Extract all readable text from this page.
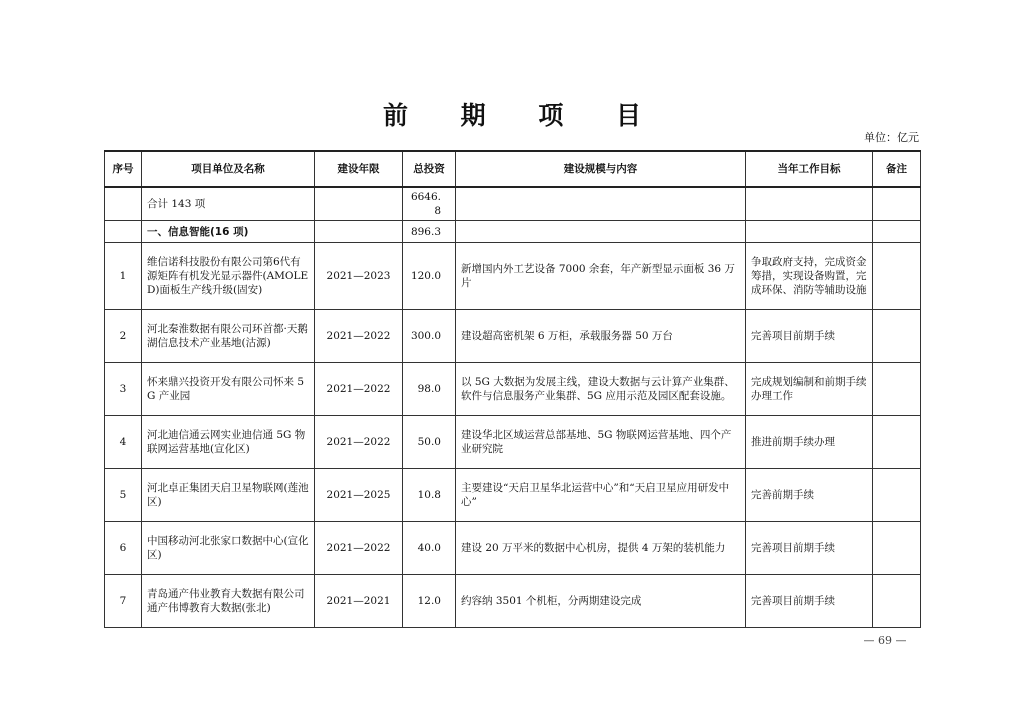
前 期 项 目
单位：亿元
序号	项目单位及名称	建设年限	总投资	建设规模与内容	当年工作目标	备注
	合计 143 项		6646.8			
	一、信息智能(16 项)		896.3			
1	维信诺科技股份有限公司第6代有源矩阵有机发光显示器件(AMOLED)面板生产线升级(固安)	2021—2023	120.0	新增国内外工艺设备 7000 余套，年产新型显示面板 36 万片	争取政府支持，完成资金筹措，实现设备购置，完成环保、消防等辅助设施	
2	河北秦淮数据有限公司环首都·天鹅湖信息技术产业基地(沽源)	2021—2022	300.0	建设超高密机架 6 万柜，承载服务器 50 万台	完善项目前期手续	
3	怀来鼎兴投资开发有限公司怀来 5G 产业园	2021—2022	98.0	以 5G 大数据为发展主线，建设大数据与云计算产业集群、软件与信息服务产业集群、5G 应用示范及园区配套设施。	完成规划编制和前期手续办理工作	
4	河北迪信通云网实业迪信通 5G 物联网运营基地(宣化区)	2021—2022	50.0	建设华北区域运营总部基地、5G 物联网运营基地、四个产业研究院	推进前期手续办理	
5	河北卓正集团天启卫星物联网(莲池区)	2021—2025	10.8	主要建设“天启卫星华北运营中心”和“天启卫星应用研发中心”	完善前期手续	
6	中国移动河北张家口数据中心(宣化区)	2021—2022	40.0	建设 20 万平米的数据中心机房，提供 4 万架的装机能力	完善项目前期手续	
7	青岛通产伟业教育大数据有限公司通产伟博教育大数据(张北)	2021—2021	12.0	约容纳 3501 个机柜，分两期建设完成	完善项目前期手续	
— 69 —
